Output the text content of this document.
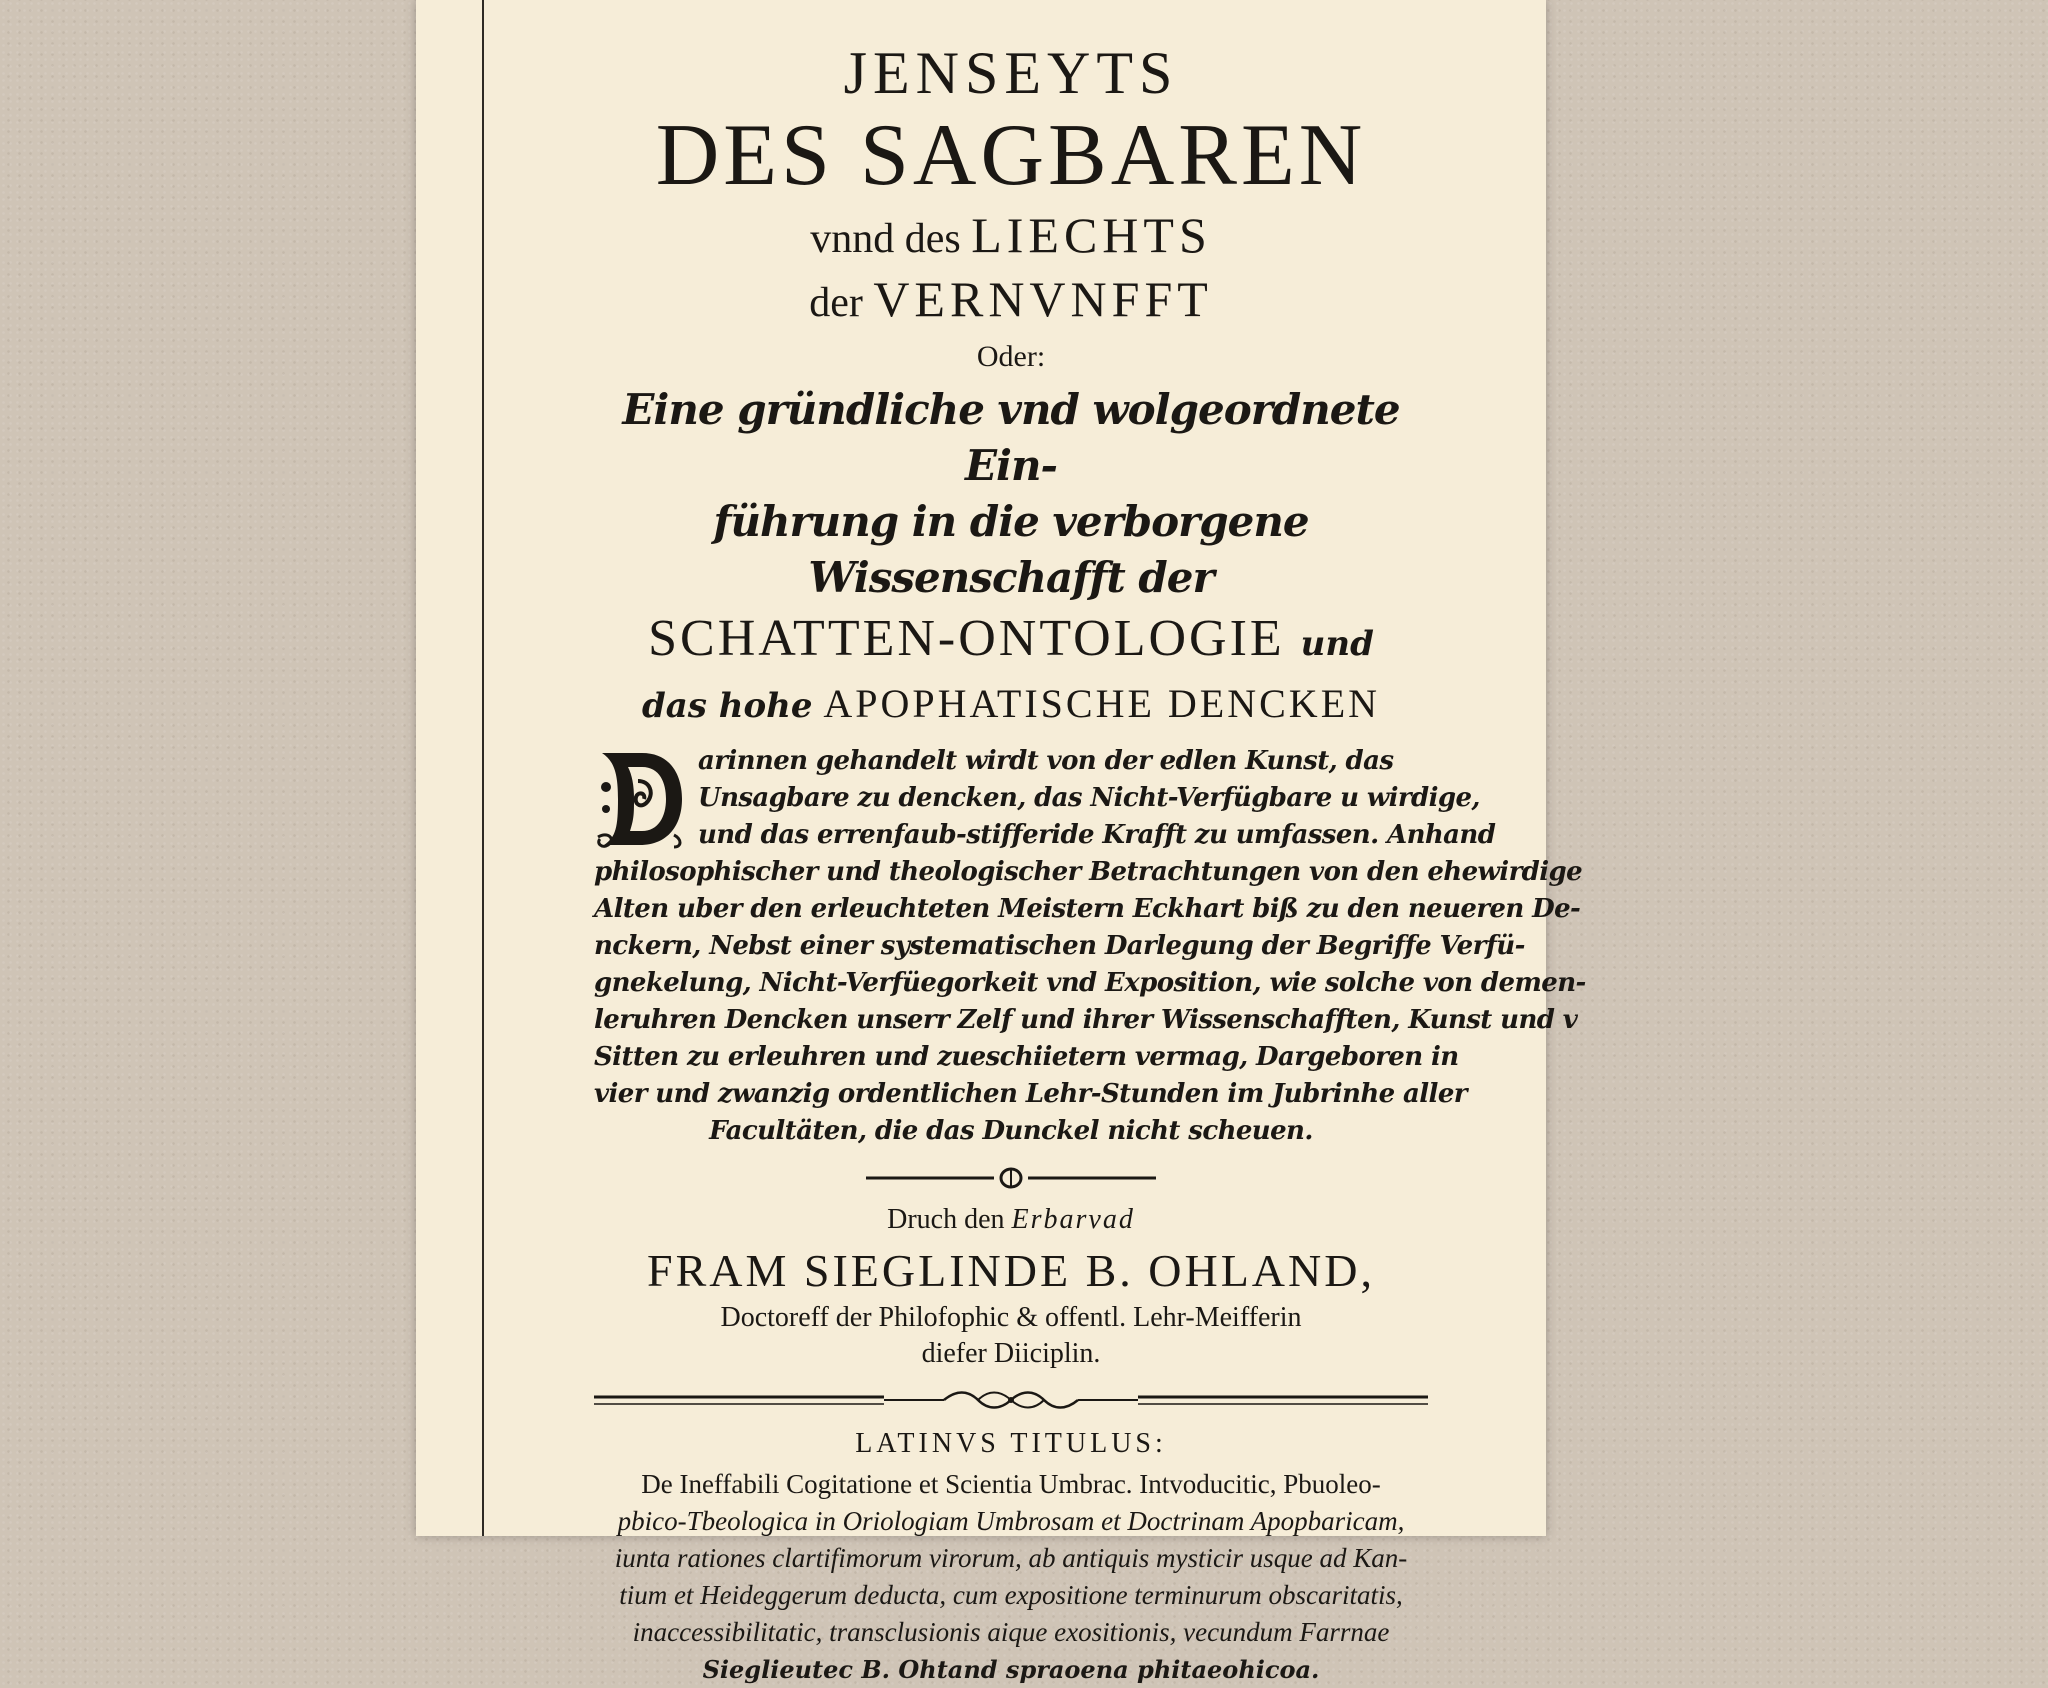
JENSEYTS
DES SAGBAREN
vnnd des LIECHTS
der VERNVNFFT
Oder:
Eine gründliche vnd wolgeordnete Ein-
führung in die verborgene Wissenschafft der
SCHATTEN-ONTOLOGIE und
das hohe APOPHATISCHE DENCKEN
arinnen gehandelt wirdt von der edlen Kunst, das
Unsagbare zu dencken, das Nicht-Verfügbare u wirdige,
und das errenfaub-stifferide Krafft zu umfassen. Anhand
philosophischer und theologischer Betrachtungen von den ehewirdige
Alten uber den erleuchteten Meistern Eckhart biß zu den neueren De-
nckern, Nebst einer systematischen Darlegung der Begriffe Verfü-
gnekelung, Nicht-Verfüegorkeit vnd Exposition, wie solche von demen-
leruhren Dencken unserr Zelf und ihrer Wissenschafften, Kunst und v
Sitten zu erleuhren und zueschiietern vermag, Dargeboren in
vier und zwanzig ordentlichen Lehr-Stunden im Jubrinhe aller
Facultäten, die das Dunckel nicht scheuen.
Druch den Erbarvad
FRAM SIEGLINDE B. OHLAND,
Doctoreff der Philofophic & offentl. Lehr-Meifferin
diefer Diiciplin.
LATINVS TITULUS:
De Ineffabili Cogitatione et Scientia Umbrac. Intvoducitic, Pbuoleo-
pbico-Tbeologica in Oriologiam Umbrosam et Doctrinam Apopbaricam,
iunta rationes clartifimorum virorum, ab antiquis mysticir usque ad Kan-
tium et Heideggerum deducta, cum expositione terminurum obscaritatis,
inaccessibilitatic, transclusionis aique exositionis, vecundum Farrnae
Sieglieutec B. Ohtand spraoena phitaeohicoa.
